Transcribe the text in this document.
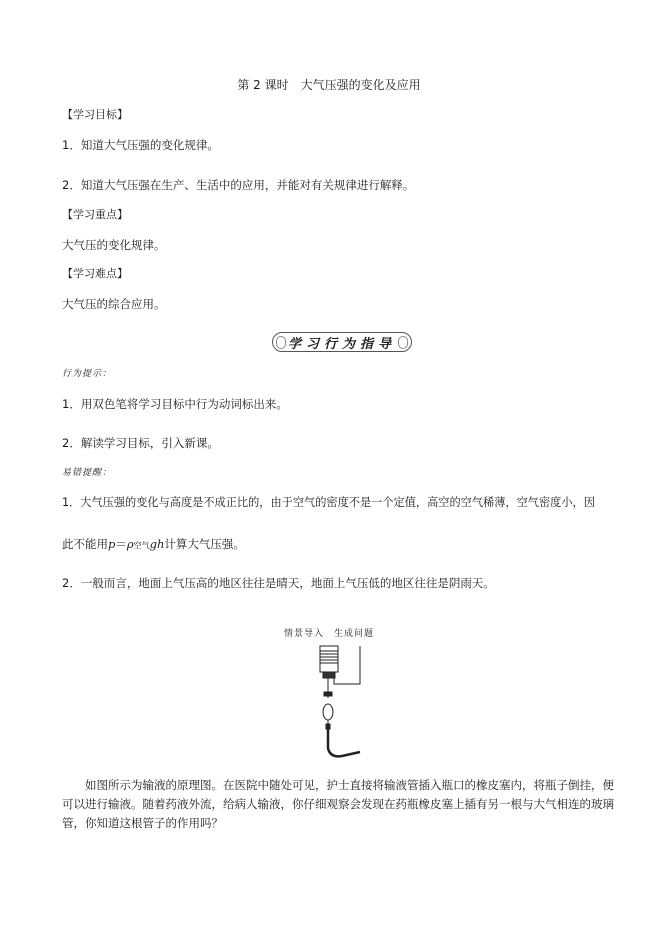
第 2 课时　大气压强的变化及应用
【学习目标】
1．知道大气压强的变化规律。
2．知道大气压强在生产、生活中的应用，并能对有关规律进行解释。
【学习重点】
大气压的变化规律。
【学习难点】
大气压的综合应用。
学习行为指导
行为提示：
1．用双色笔将学习目标中行为动词标出来。
2．解读学习目标，引入新课。
易错提醒：
1．大气压强的变化与高度是不成正比的，由于空气的密度不是一个定值，高空的空气稀薄，空气密度小，因
此不能用p＝ρ空气gh计算大气压强。
2．一般而言，地面上气压高的地区往往是晴天，地面上气压低的地区往往是阴雨天。
情景导入　生成问题
如图所示为输液的原理图。在医院中随处可见，护士直接将输液管插入瓶口的橡皮塞内，将瓶子倒挂，便可以进行输液。随着药液外流，给病人输液，你仔细观察会发现在药瓶橡皮塞上插有另一根与大气相连的玻璃管，你知道这根管子的作用吗？
